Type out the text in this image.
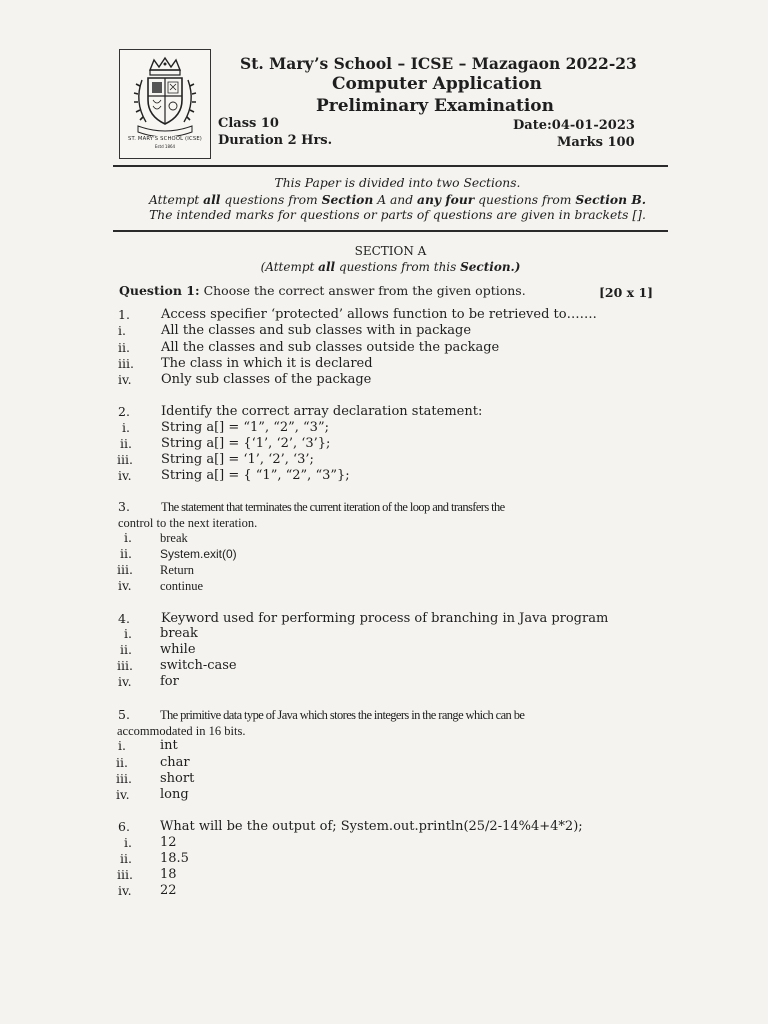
ST. MARY'S SCHOOL (ICSE)
Estd 1864
St. Mary’s School – ICSE – Mazagaon 2022-23
Computer Application
Preliminary Examination
Class 10
Duration 2 Hrs.
Date:04-01-2023
Marks 100
This Paper is divided into two Sections.
Attempt all questions from Section A and any four questions from Section B.
The intended marks for questions or parts of questions are given in brackets [].
SECTION A
(Attempt all questions from this Section.)
Question 1: Choose the correct answer from the given options.	[20 x 1]
1. Access specifier ‘protected’ allows function to be retrieved to…….
i.	All the classes and sub classes with in package
ii. All the classes and sub classes outside the package
iii. The class in which it is declared
iv. Only sub classes of the package
2. Identify the correct array declaration statement:
i. String a[] = “1”, “2”, “3”;
ii. String a[] = {‘1’, ‘2’, ‘3’};
iii. String a[] = ‘1’, ‘2’, ‘3’;
iv. String a[] = { “1”, “2”, “3”};
3. The statement that terminates the current iteration of the loop and transfers the
control to the next iteration.
i. break
ii. System.exit(0)
iii. Return
iv. continue
4. Keyword used for performing process of branching in Java program
i. break
ii. while
iii. switch-case
iv. for
5. The primitive data type of Java which stores the integers in the range which can be
accommodated in 16 bits.
i.	int
ii. char
iii. short
iv. long
6. What will be the output of; System.out.println(25/2-14%4+4*2);
i. 12
ii. 18.5
iii. 18
iv. 22
